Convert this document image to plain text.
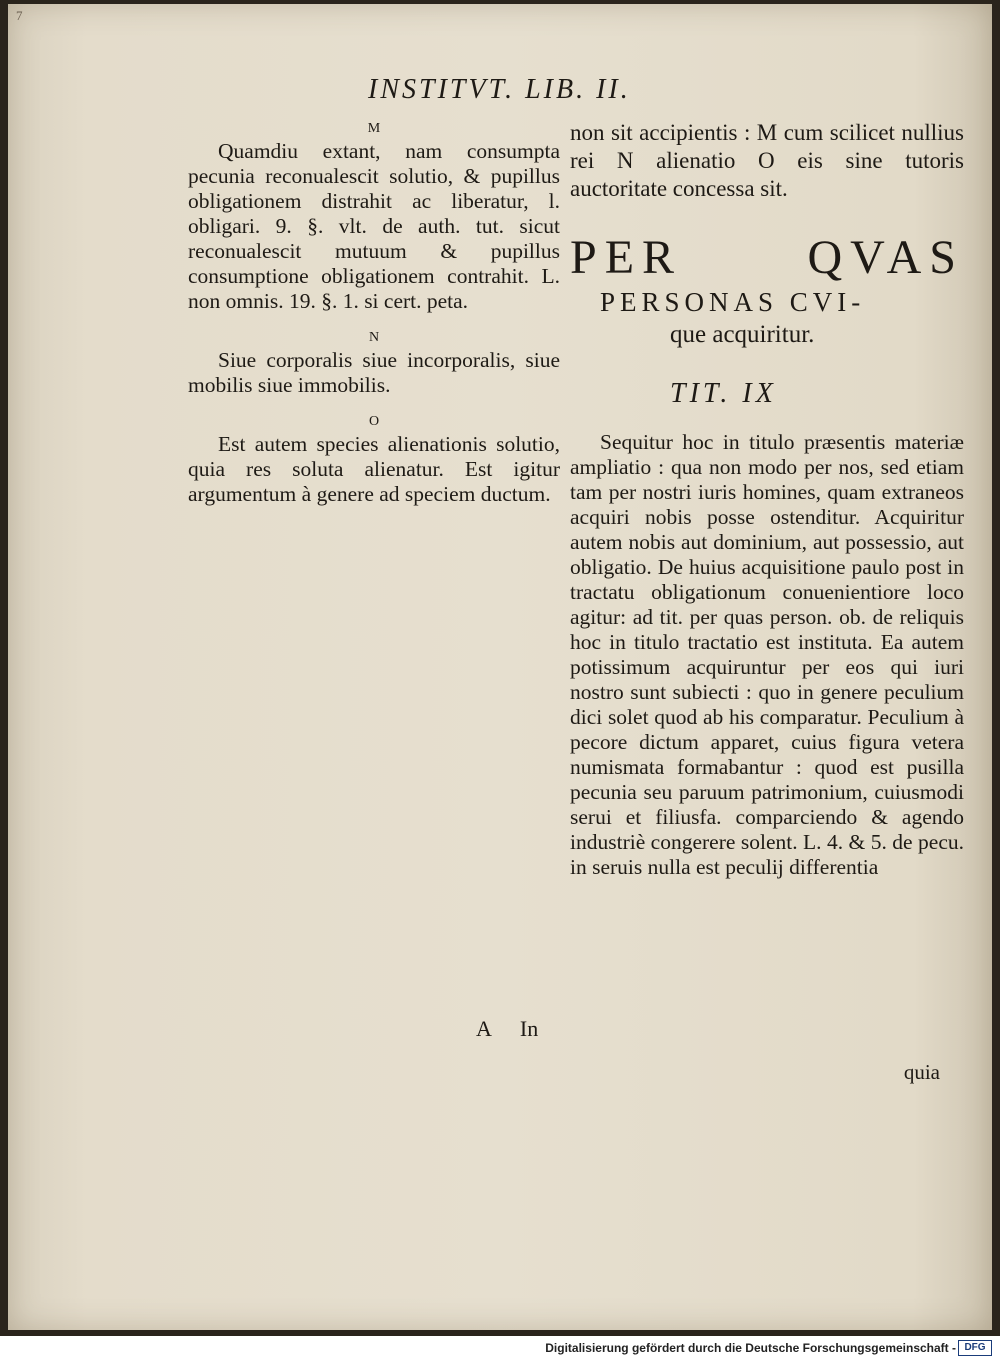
7
INSTITVT. LIB. II.

M

Quamdiu extant, nam consumpta pecunia reconualescit solutio, & pupillus obligationem distrahit ac liberatur, l. obligari. 9. §. vlt. de auth. tut. sicut reconualescit mutuum & pupillus consumptione obligationem contrahit. L. non omnis. 19. §. 1. si cert. peta.

N

Siue corporalis siue incorporalis, siue mobilis siue immobilis.

O

Est autem species alienationis solutio, quia res soluta alienatur. Est igitur argumentum à genere ad speciem ductum.

non sit accipientis : M cum scilicet nullius rei N alienatio O eis sine tutoris auctoritate concessa sit.

PER	QVAS
PERSONAS CVI-
que acquiritur.
TIT. IX

Sequitur hoc in titulo præsentis materiæ ampliatio : qua non modo per nos, sed etiam tam per nostri iuris homines, quam extraneos acquiri nobis posse ostenditur. Acquiritur autem nobis aut dominium, aut possessio, aut obligatio. De huius acquisitione paulo post in tractatu obligationum conuenientiore loco agitur: ad tit. per quas person. ob. de reliquis hoc in titulo tractatio est instituta. Ea autem potissimum acquiruntur per eos qui iuri nostro sunt subiecti : quo in genere peculium dici solet quod ab his comparatur. Peculium à pecore dictum apparet, cuius figura vetera numismata formabantur : quod est pusilla pecunia seu paruum patrimonium, cuiusmodi serui et filiusfa. comparciendo & agendo industriè congerere solent. L. 4. & 5. de pecu. in seruis nulla est peculij differentia

A In
quia
Digitalisierung gefördert durch die Deutsche Forschungsgemeinschaft - DFG
